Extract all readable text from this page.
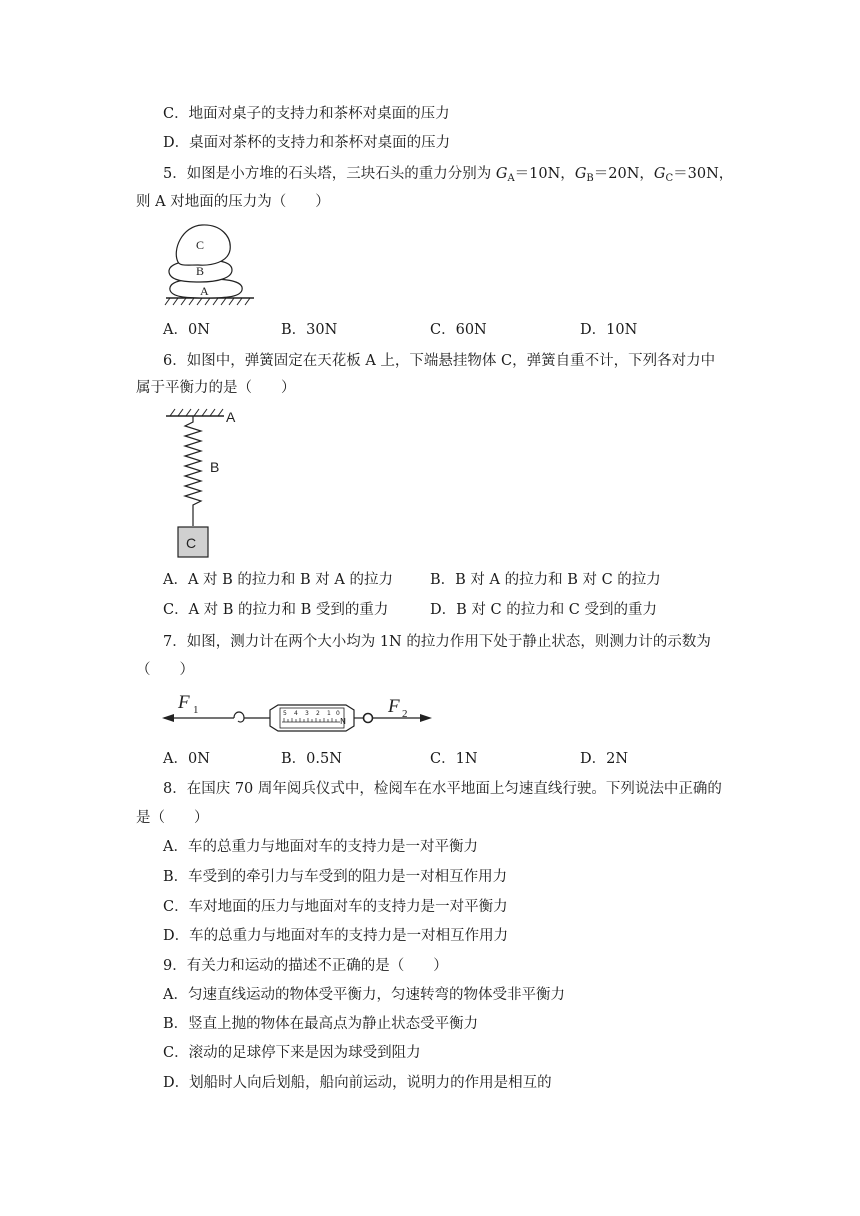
C．地面对桌子的支持力和茶杯对桌面的压力
D．桌面对茶杯的支持力和茶杯对桌面的压力
5．如图是小方堆的石头塔，三块石头的重力分别为 $G_A=10N$，$G_B=20N$，$G_C=30N$，
则 A 对地面的压力为（　　）
C
B
A
A．0N	B．30N	C．60N	D．10N
6．如图中，弹簧固定在天花板 A 上，下端悬挂物体 C，弹簧自重不计，下列各对力中
属于平衡力的是（　　）
A
B
C
A．A 对 B 的拉力和 B 对 A 的拉力	B．B 对 A 的拉力和 B 对 C 的拉力
C．A 对 B 的拉力和 B 受到的重力	D．B 对 C 的拉力和 C 受到的重力
7．如图，测力计在两个大小均为 1N 的拉力作用下处于静止状态，则测力计的示数为
（　　）
F 1	5 4 3 2 1 0
N
F 2
A．0N	B．0.5N	C．1N	D．2N
8．在国庆 70 周年阅兵仪式中，检阅车在水平地面上匀速直线行驶。下列说法中正确的
是（　　）
A．车的总重力与地面对车的支持力是一对平衡力
B．车受到的牵引力与车受到的阻力是一对相互作用力
C．车对地面的压力与地面对车的支持力是一对平衡力
D．车的总重力与地面对车的支持力是一对相互作用力
9．有关力和运动的描述不正确的是（　　）
A．匀速直线运动的物体受平衡力，匀速转弯的物体受非平衡力
B．竖直上抛的物体在最高点为静止状态受平衡力
C．滚动的足球停下来是因为球受到阻力
D．划船时人向后划船，船向前运动，说明力的作用是相互的
